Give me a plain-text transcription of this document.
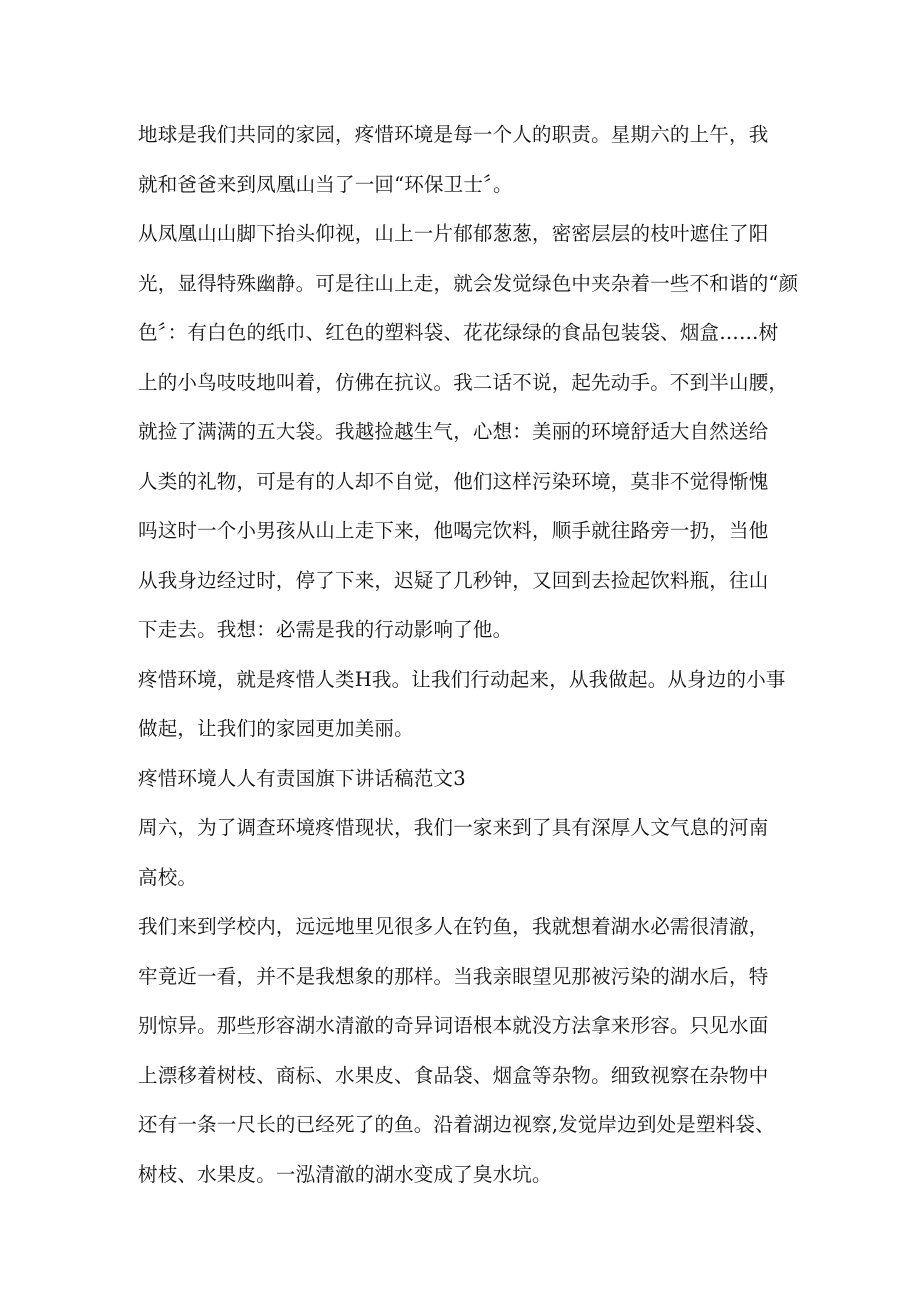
地球是我们共同的家园，疼惜环境是每一个人的职责。星期六的上午，我
就和爸爸来到凤凰山当了一回“环保卫士〞。

从凤凰山山脚下抬头仰视，山上一片郁郁葱葱，密密层层的枝叶遮住了阳
光，显得特殊幽静。可是往山上走，就会发觉绿色中夹杂着一些不和谐的“颜
色〞：有白色的纸巾、红色的塑料袋、花花绿绿的食品包装袋、烟盒……树
上的小鸟吱吱地叫着，仿佛在抗议。我二话不说，起先动手。不到半山腰，
就捡了满满的五大袋。我越捡越生气，心想：美丽的环境舒适大自然送给
人类的礼物，可是有的人却不自觉，他们这样污染环境，莫非不觉得惭愧
吗这时一个小男孩从山上走下来，他喝完饮料，顺手就往路旁一扔，当他
从我身边经过时，停了下来，迟疑了几秒钟，又回到去捡起饮料瓶，往山
下走去。我想：必需是我的行动影响了他。

疼惜环境，就是疼惜人类H我。让我们行动起来，从我做起。从身边的小事
做起，让我们的家园更加美丽。

疼惜环境人人有责国旗下讲话稿范文3

周六，为了调查环境疼惜现状，我们一家来到了具有深厚人文气息的河南
高校。

我们来到学校内，远远地里见很多人在钓鱼，我就想着湖水必需很清澈，
牢竟近一看，并不是我想象的那样。当我亲眼望见那被污染的湖水后，特
别惊异。那些形容湖水清澈的奇异词语根本就没方法拿来形容。只见水面
上漂移着树枝、商标、水果皮、食品袋、烟盒等杂物。细致视察在杂物中
还有一条一尺长的已经死了的鱼。沿着湖边视察,发觉岸边到处是塑料袋、
树枝、水果皮。一泓清澈的湖水变成了臭水坑。
